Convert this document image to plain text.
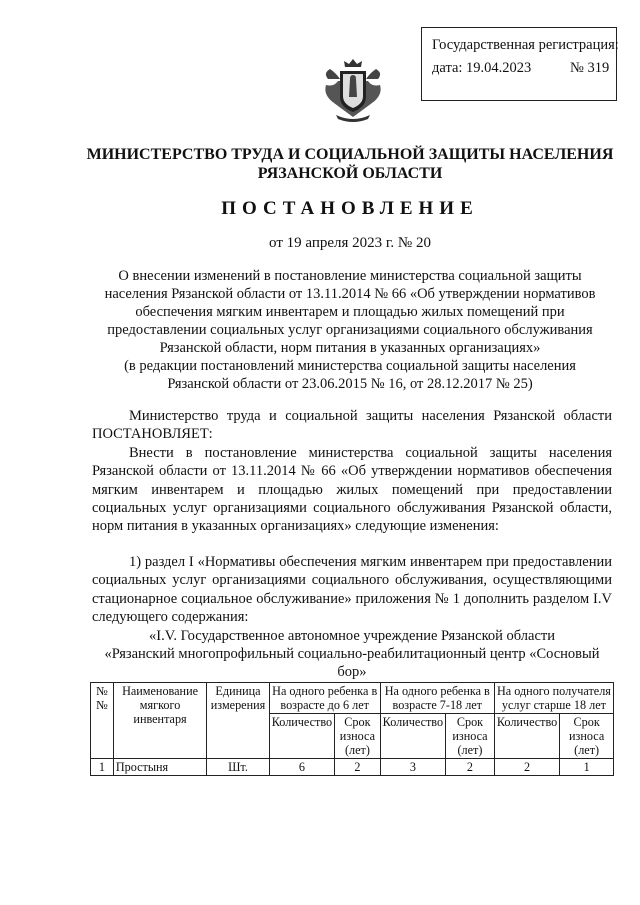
Государственная регистрация:
дата: 19.04.2023	№ 319
МИНИСТЕРСТВО ТРУДА И СОЦИАЛЬНОЙ ЗАЩИТЫ НАСЕЛЕНИЯ
РЯЗАНСКОЙ ОБЛАСТИ
ПОСТАНОВЛЕНИЕ
от 19 апреля 2023 г. № 20
О внесении изменений в постановление министерства социальной защиты
населения Рязанской области от 13.11.2014 № 66 «Об утверждении нормативов
обеспечения мягким инвентарем и площадью жилых помещений при
предоставлении социальных услуг организациями социального обслуживания
Рязанской области, норм питания в указанных организациях»
(в редакции постановлений министерства социальной защиты населения
Рязанской области от 23.06.2015 № 16, от 28.12.2017 № 25)
Министерство труда и социальной защиты населения Рязанской области ПОСТАНОВЛЯЕТ:
Внести в постановление министерства социальной защиты населения Рязанской области от 13.11.2014 № 66 «Об утверждении нормативов обеспечения мягким инвентарем и площадью жилых помещений при предоставлении социальных услуг организациями социального обслуживания Рязанской области, норм питания в указанных организациях» следующие изменения:
1) раздел I «Нормативы обеспечения мягким инвентарем при предоставлении социальных услуг организациями социального обслуживания, осуществляющими стационарное социальное обслуживание» приложения № 1 дополнить разделом I.V следующего содержания:
«I.V. Государственное автономное учреждение Рязанской области
«Рязанский многопрофильный социально-реабилитационный центр «Сосновый бор»
№ №	Наименование мягкого инвентаря	Единица измерения	На одного ребенка в возрасте до 6 лет		На одного ребенка в возрасте 7-18 лет		На одного получателя услуг старше 18 лет	
			Количество	Срок износа (лет)	Количество	Срок износа (лет)	Количество	Срок износа (лет)
1	Простыня	Шт.	6	2	3	2	2	1
